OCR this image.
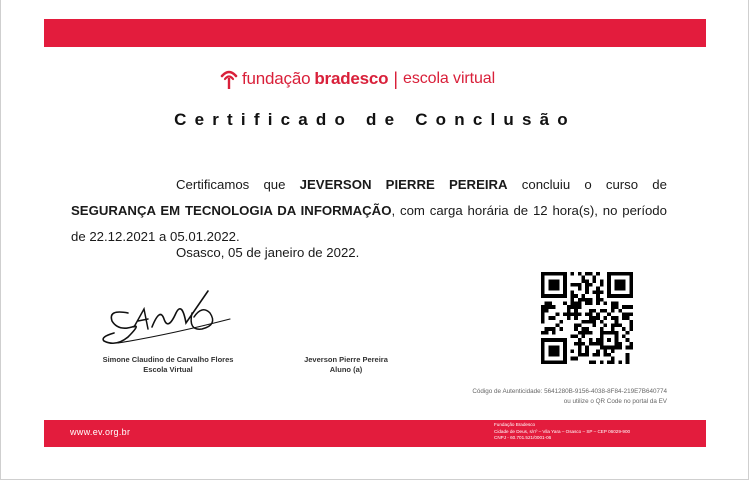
fundação bradesco | escola virtual
Certificado de Conclusão
Certificamos que JEVERSON PIERRE PEREIRA concluiu o curso de SEGURANÇA EM TECNOLOGIA DA INFORMAÇÃO, com carga horária de 12 hora(s), no período de 22.12.2021 a 05.01.2022.
Osasco, 05 de janeiro de 2022.
Simone Claudino de Carvalho Flores
Escola Virtual
Jeverson Pierre Pereira
Aluno (a)
Código de Autenticidade: 5641280B-9156-4038-8F84-219E7B640774
ou utilize o QR Code no portal da EV
www.ev.org.br
Fundação Bradesco
Cidade de Deus, s/nº – Vila Yara – Osasco – SP – CEP 06029-900
CNPJ - 60.701.521/0001-06
